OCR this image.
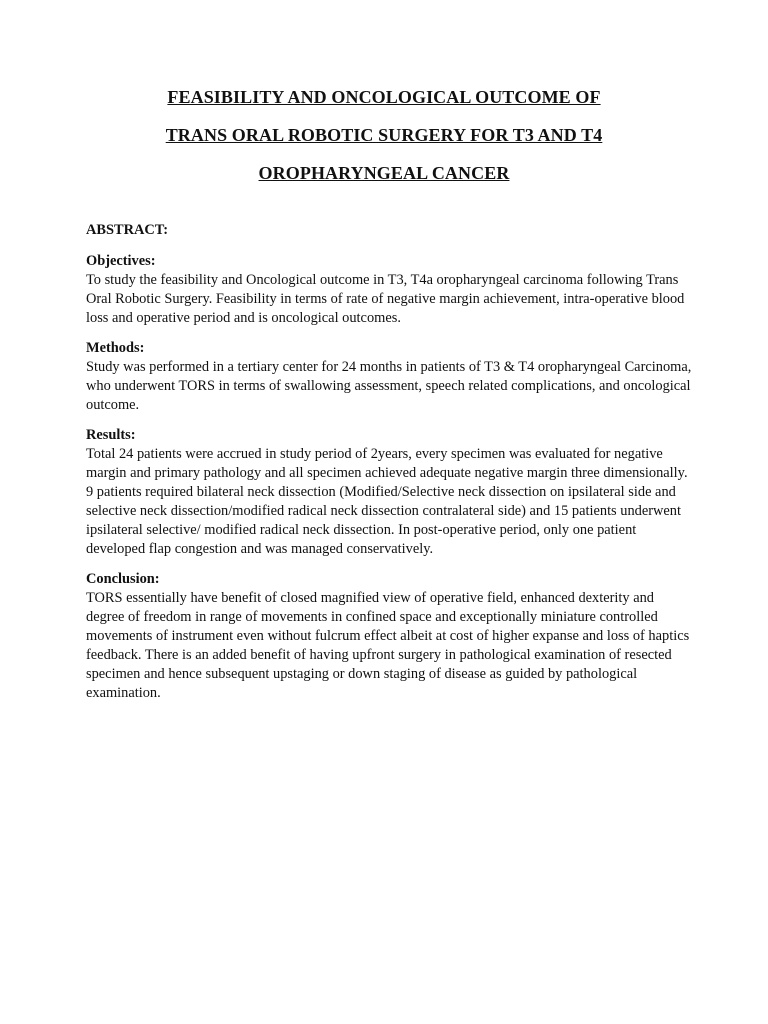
FEASIBILITY AND ONCOLOGICAL OUTCOME OF
TRANS ORAL ROBOTIC SURGERY FOR T3 AND T4
OROPHARYNGEAL CANCER
ABSTRACT:
Objectives:

To study the feasibility and Oncological outcome in T3, T4a oropharyngeal carcinoma following Trans Oral Robotic Surgery. Feasibility in terms of rate of negative margin achievement, intra-operative blood loss and operative period and is oncological outcomes.

Methods:

Study was performed in a tertiary center for 24 months in patients of T3 & T4 oropharyngeal Carcinoma, who underwent TORS in terms of swallowing assessment, speech related complications, and oncological outcome.

Results:

Total 24 patients were accrued in study period of 2years, every specimen was evaluated for negative margin and primary pathology and all specimen achieved adequate negative margin three dimensionally. 9 patients required bilateral neck dissection (Modified/Selective neck dissection on ipsilateral side and selective neck dissection/modified radical neck dissection contralateral side) and 15 patients underwent ipsilateral selective/ modified radical neck dissection. In post-operative period, only one patient developed flap congestion and was managed conservatively.

Conclusion:

TORS essentially have benefit of closed magnified view of operative field, enhanced dexterity and degree of freedom in range of movements in confined space and exceptionally miniature controlled movements of instrument even without fulcrum effect albeit at cost of higher expanse and loss of haptics feedback. There is an added benefit of having upfront surgery in pathological examination of resected specimen and hence subsequent upstaging or down staging of disease as guided by pathological examination.
